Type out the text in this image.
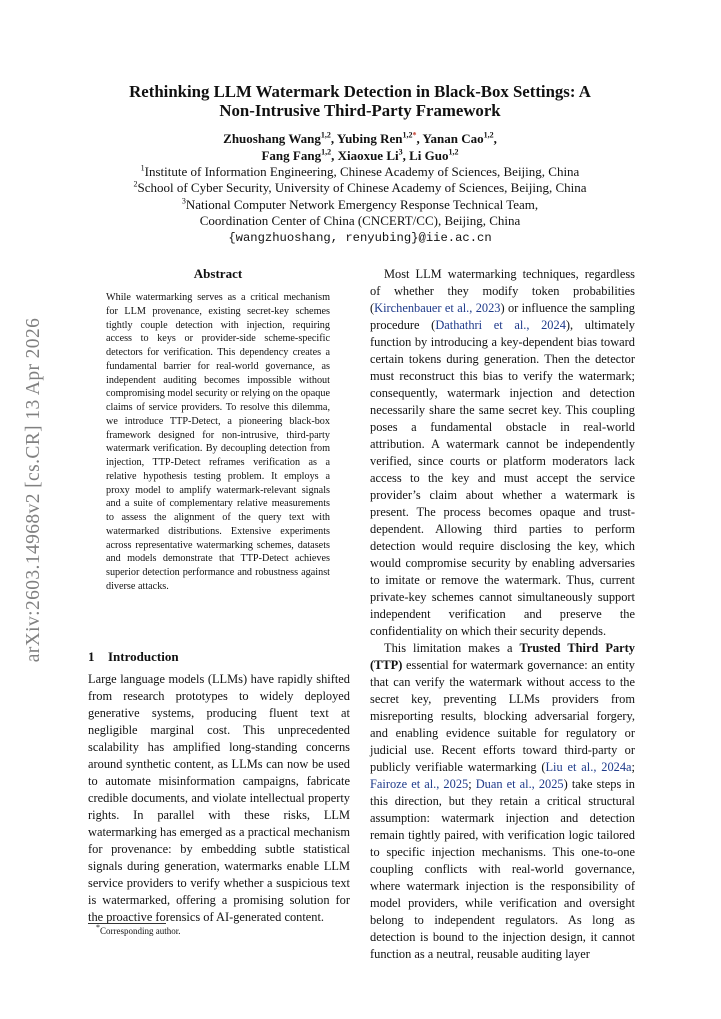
arXiv:2603.14968v2 [cs.CR] 13 Apr 2026
Rethinking LLM Watermark Detection in Black-Box Settings: A
Non-Intrusive Third-Party Framework
Zhuoshang Wang$^{1,2}$, Yubing Ren$^{1,2*}$, Yanan Cao$^{1,2}$,
Fang Fang$^{1,2}$, Xiaoxue Li$^3$, Li Guo$^{1,2}$
$^1$Institute of Information Engineering, Chinese Academy of Sciences, Beijing, China
$^2$School of Cyber Security, University of Chinese Academy of Sciences, Beijing, China
$^3$National Computer Network Emergency Response Technical Team,
Coordination Center of China (CNCERT/CC), Beijing, China
{wangzhuoshang, renyubing}@iie.ac.cn
Abstract
While watermarking serves as a critical mechanism for LLM provenance, existing secret-key schemes tightly couple detection with injection, requiring access to keys or provider-side scheme-specific detectors for verification. This dependency creates a fundamental barrier for real-world governance, as independent auditing becomes impossible without compromising model security or relying on the opaque claims of service providers. To resolve this dilemma, we introduce TTP-Detect, a pioneering black-box framework designed for non-intrusive, third-party watermark verification. By decoupling detection from injection, TTP-Detect reframes verification as a relative hypothesis testing problem. It employs a proxy model to amplify watermark-relevant signals and a suite of complementary relative measurements to assess the alignment of the query text with watermarked distributions. Extensive experiments across representative watermarking schemes, datasets and models demonstrate that TTP-Detect achieves superior detection performance and robustness against diverse attacks.
1 Introduction
Large language models (LLMs) have rapidly shifted from research prototypes to widely deployed generative systems, producing fluent text at negligible marginal cost. This unprecedented scalability has amplified long-standing concerns around synthetic content, as LLMs can now be used to automate misinformation campaigns, fabricate credible documents, and violate intellectual property rights. In parallel with these risks, LLM watermarking has emerged as a practical mechanism for provenance: by embedding subtle statistical signals during generation, watermarks enable LLM service providers to verify whether a suspicious text is watermarked, offering a promising solution for the proactive forensics of AI-generated content.

Most LLM watermarking techniques, regardless of whether they modify token probabilities (Kirchenbauer et al., 2023) or influence the sampling procedure (Dathathri et al., 2024), ultimately function by introducing a key-dependent bias toward certain tokens during generation. Then the detector must reconstruct this bias to verify the watermark; consequently, watermark injection and detection necessarily share the same secret key. This coupling poses a fundamental obstacle in real-world attribution. A watermark cannot be independently verified, since courts or platform moderators lack access to the key and must accept the service provider’s claim about whether a watermark is present. The process becomes opaque and trust-dependent. Allowing third parties to perform detection would require disclosing the key, which would compromise security by enabling adversaries to imitate or remove the watermark. Thus, current private-key schemes cannot simultaneously support independent verification and preserve the confidentiality on which their security depends.

This limitation makes a Trusted Third Party (TTP) essential for watermark governance: an entity that can verify the watermark without access to the secret key, preventing LLMs providers from misreporting results, blocking adversarial forgery, and enabling evidence suitable for regulatory or judicial use. Recent efforts toward third-party or publicly verifiable watermarking (Liu et al., 2024a; Fairoze et al., 2025; Duan et al., 2025) take steps in this direction, but they retain a critical structural assumption: watermark injection and detection remain tightly paired, with verification logic tailored to specific injection mechanisms. This one-to-one coupling conflicts with real-world governance, where watermark injection is the responsibility of model providers, while verification and oversight belong to independent regulators. As long as detection is bound to the injection design, it cannot function as a neutral, reusable auditing layer

*Corresponding author.
